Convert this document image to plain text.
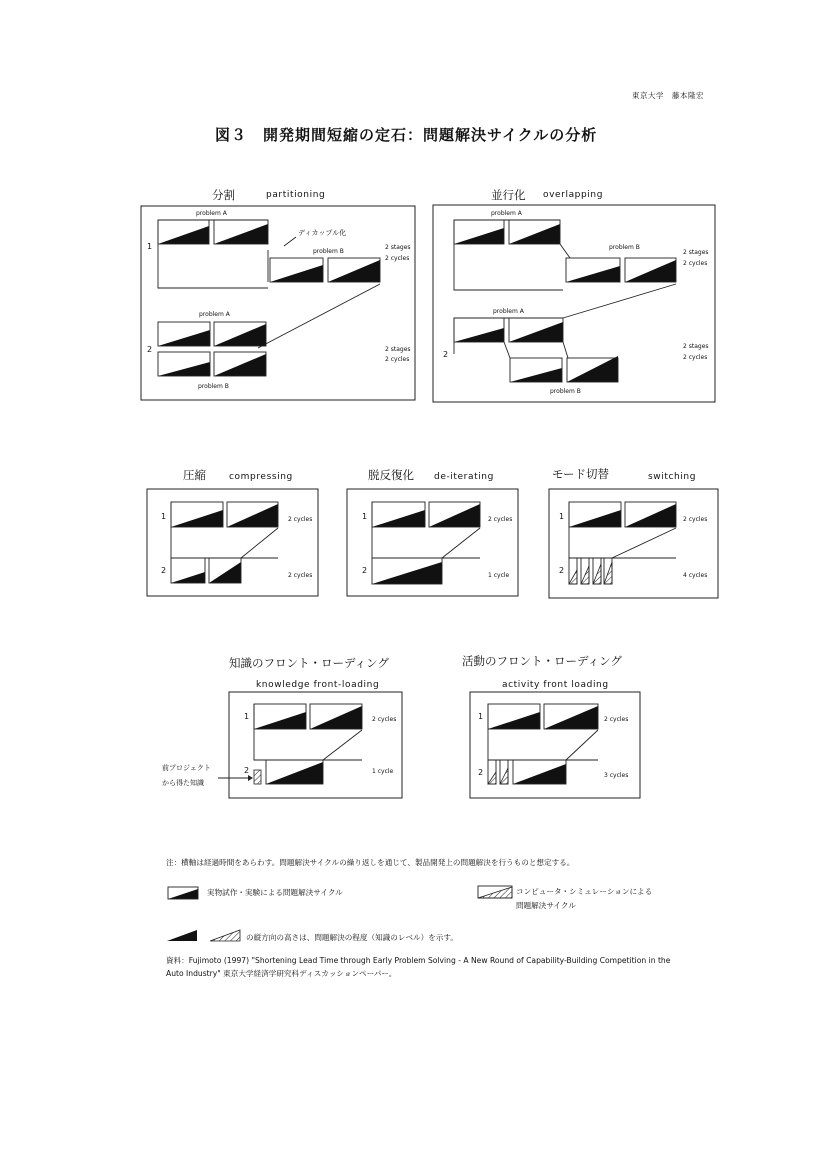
東京大学　藤本隆宏
図３　開発期間短縮の定石：問題解決サイクルの分析
分割	partitioning
problem A
ディカップル化
problem B
1	2 stages
2 cycles
problem A
2	2 stages
2 cycles
problem B
並行化 overlapping
problem A
problem B
2 stages
2 cycles
problem A
2
2 stages
2 cycles
problem B
圧縮	compressing
1	2 cycles
2
2 cycles
脱反復化 de-iterating
1	2 cycles
2
1 cycle
モード切替	switching
1	2 cycles
2
4 cycles
知識のフロント・ローディング
knowledge front-loading
1	2 cycles
2	1 cycle
前プロジェクト
から得た知識
活動のフロント・ローディング
activity front loading
1	2 cycles
2	3 cycles
注：横軸は経過時間をあらわす。問題解決サイクルの繰り返しを通じて、製品開発上の問題解決を行うものと想定する。
実物試作・実験による問題解決サイクル	コンピュータ・シミュレーションによる
問題解決サイクル
の縦方向の高さは、問題解決の程度（知識のレベル）を示す。
資料：Fujimoto (1997) "Shortening Lead Time through Early Problem Solving - A New Round of Capability-Building Competition in the Auto Industry" 東京大学経済学研究科ディスカッションペーパー。
